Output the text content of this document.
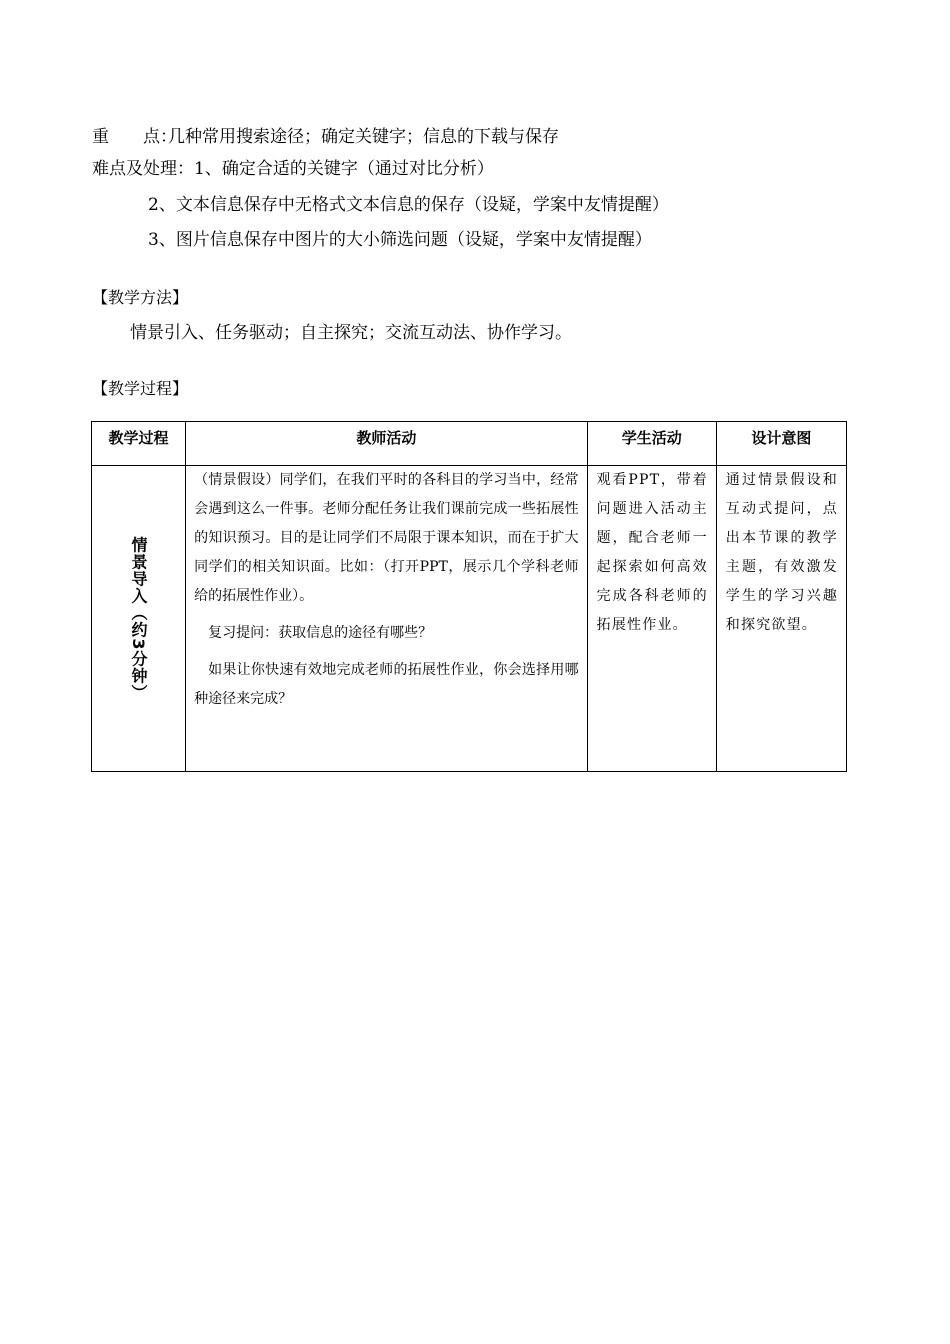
重　　点：
几种常用搜索途径；确定关键字；信息的下载与保存
难点及处理：1、确定合适的关键字（通过对比分析）
2、文本信息保存中无格式文本信息的保存（设疑，学案中友情提醒）
3、图片信息保存中图片的大小筛选问题（设疑，学案中友情提醒）
【教学方法】
情景引入、任务驱动；自主探究；交流互动法、协作学习。
【教学过程】
教学过程	教师活动	学生活动	设计意图

情景导入（约3分钟）	（情景假设）同学们，在我们平时的各科目的学习当中，经常会遇到这么一件事。老师分配任务让我们课前完成一些拓展性的知识预习。目的是让同学们不局限于课本知识，而在于扩大同学们的相关知识面。比如：（打开PPT，展示几个学科老师给的拓展性作业）。

复习提问：获取信息的途径有哪些？

如果让你快速有效地完成老师的拓展性作业，你会选择用哪种途径来完成？	观看PPT，带着问题进入活动主题，配合老师一起探索如何高效完成各科老师的拓展性作业。	通过情景假设和互动式提问，点出本节课的教学主题，有效激发学生的学习兴趣和探究欲望。
